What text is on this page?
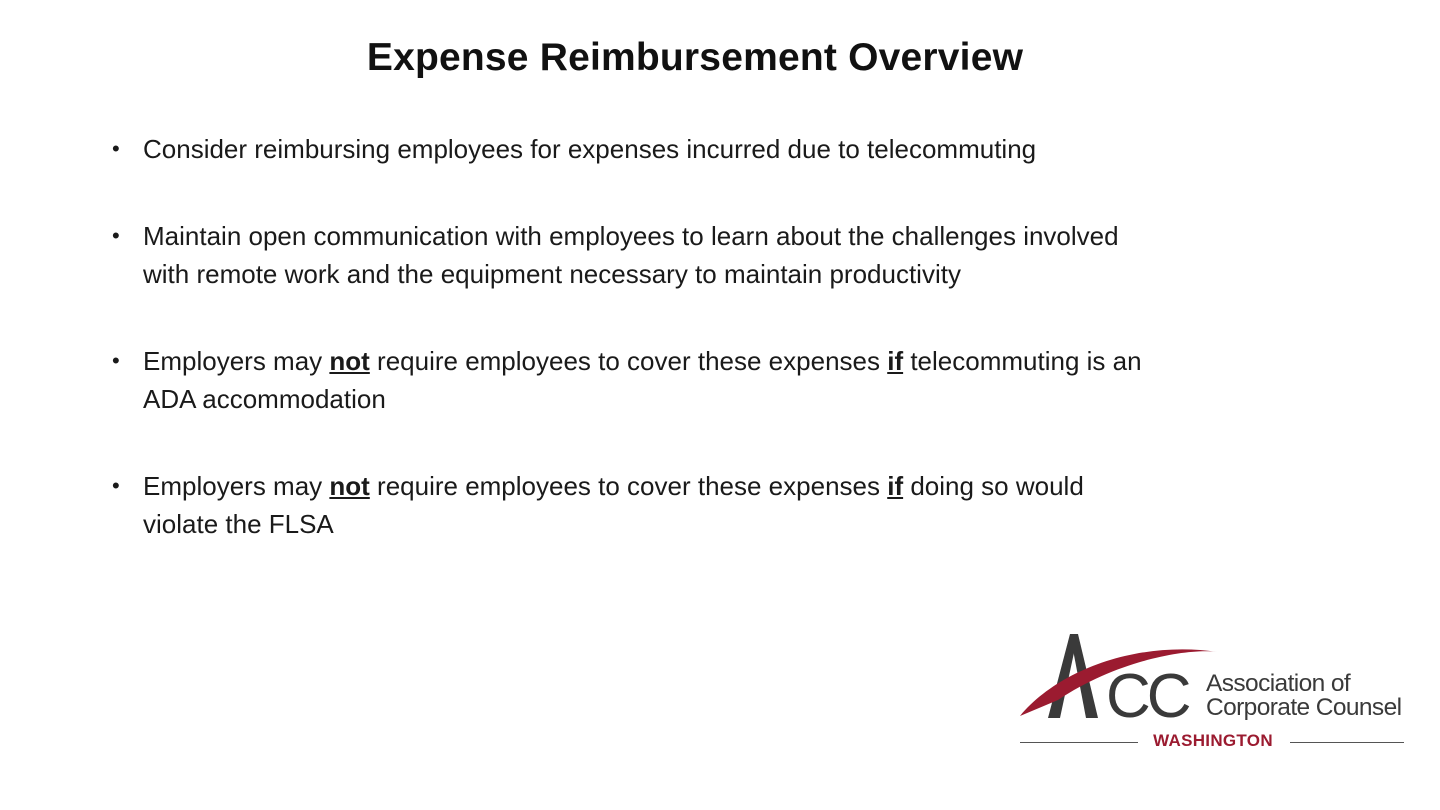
Expense Reimbursement Overview
• Consider reimbursing employees for expenses incurred due to telecommuting
• Maintain open communication with employees to learn about the challenges involved
with remote work and the equipment necessary to maintain productivity
• Employers may not require employees to cover these expenses if telecommuting is an
ADA accommodation
• Employers may not require employees to cover these expenses if doing so would
violate the FLSA
CC Association of
Corporate Counsel
WASHINGTON
